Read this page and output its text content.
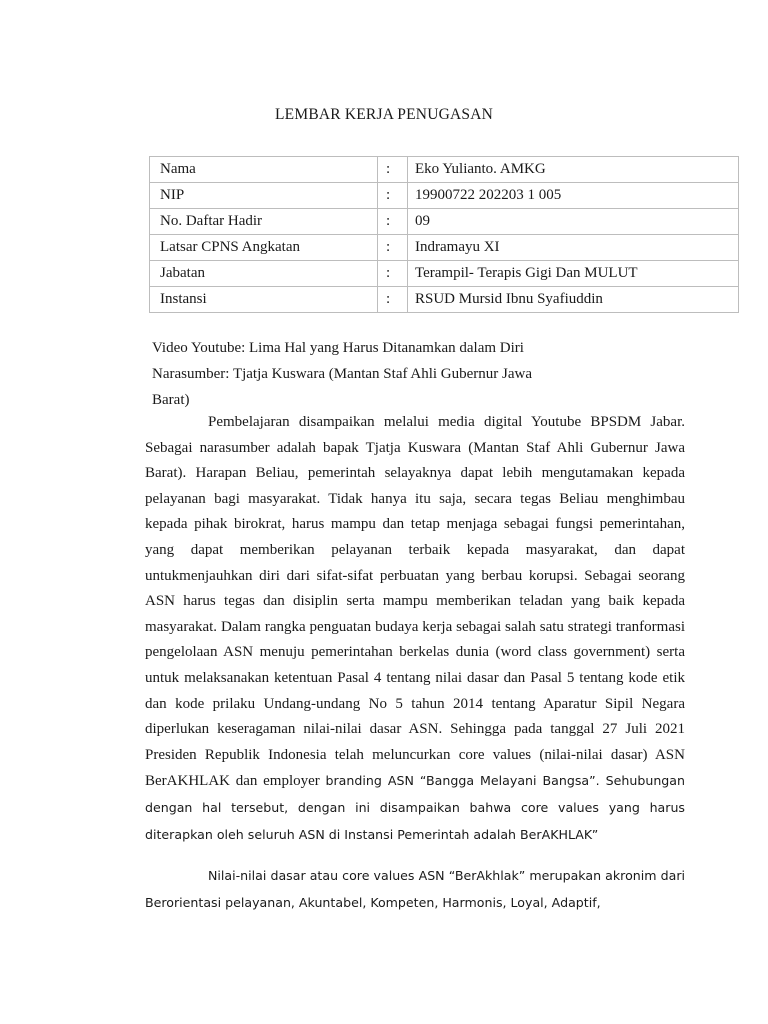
LEMBAR KERJA PENUGASAN
Nama	:	Eko Yulianto. AMKG
NIP	:	19900722 202203 1 005
No. Daftar Hadir	:	09
Latsar CPNS Angkatan	:	Indramayu XI
Jabatan	:	Terampil- Terapis Gigi Dan MULUT
Instansi	:	RSUD Mursid Ibnu Syafiuddin
Video Youtube: Lima Hal yang Harus Ditanamkan dalam Diri
Narasumber: Tjatja Kuswara (Mantan Staf Ahli Gubernur Jawa Barat)

Pembelajaran disampaikan melalui media digital Youtube BPSDM Jabar. Sebagai narasumber adalah bapak Tjatja Kuswara (Mantan Staf Ahli Gubernur Jawa Barat). Harapan Beliau, pemerintah selayaknya dapat lebih mengutamakan kepada pelayanan bagi masyarakat. Tidak hanya itu saja, secara tegas Beliau menghimbau kepada pihak birokrat, harus mampu dan tetap menjaga sebagai fungsi pemerintahan, yang dapat memberikan pelayanan terbaik kepada masyarakat, dan dapat untukmenjauhkan diri dari sifat-sifat perbuatan yang berbau korupsi. Sebagai seorang ASN harus tegas dan disiplin serta mampu memberikan teladan yang baik kepada masyarakat. Dalam rangka penguatan budaya kerja sebagai salah satu strategi tranformasi pengelolaan ASN menuju pemerintahan berkelas dunia (word class government) serta untuk melaksanakan ketentuan Pasal 4 tentang nilai dasar dan Pasal 5 tentang kode etik dan kode prilaku Undang-undang No 5 tahun 2014 tentang Aparatur Sipil Negara diperlukan keseragaman nilai-nilai dasar ASN. Sehingga pada tanggal 27 Juli 2021 Presiden Republik Indonesia telah meluncurkan core values (nilai-nilai dasar) ASN BerAKHLAK dan employer branding ASN “Bangga Melayani Bangsa”. Sehubungan dengan hal tersebut, dengan ini disampaikan bahwa core values yang harus diterapkan oleh seluruh ASN di Instansi Pemerintah adalah BerAKHLAK”

Nilai-nilai dasar atau core values ASN “BerAkhlak” merupakan akronim dari Berorientasi pelayanan, Akuntabel, Kompeten, Harmonis, Loyal, Adaptif,
